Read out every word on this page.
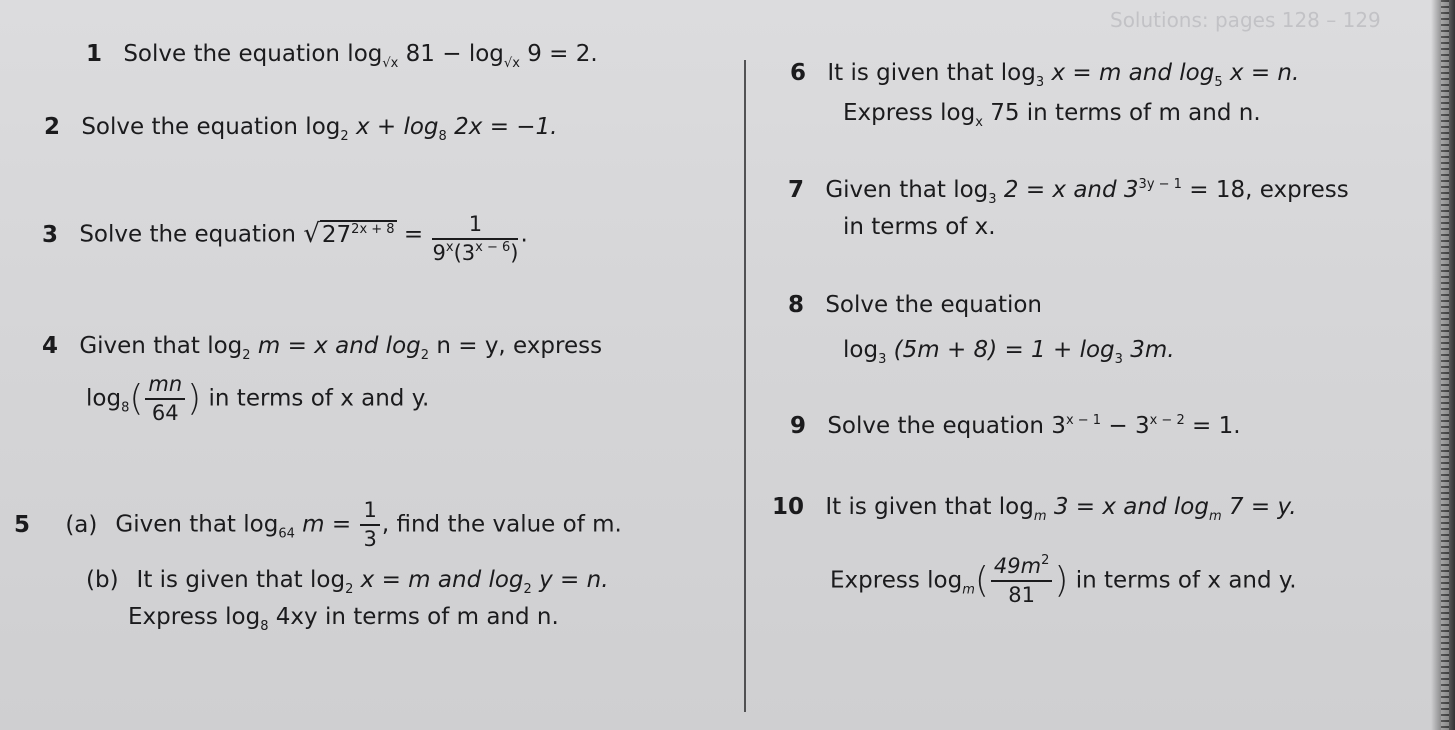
Solutions: pages 128 – 129
1 Solve the equation $\log_{√x} 81 - \log_{√x} 9 = 2$.
2 Solve the equation $\log_2 x + \log_8 2x = -1$.
3 Solve the equation $√27^{2x + 8} = \frac{1}{9^x(3^{x - 6})}$ .
4 Given that $\log_2 m = x$ and $\log_2 n = y$, express
$\log_8( \frac{mn}{64}$ ) in terms of x and y.
5 (a) Given that $\log_{64} m = \frac{1}{3}$ , find the value of m.
(b) It is given that $\log_2 x = m$ and $\log_2 y = n$.
Express $\log_8 4xy$ in terms of m and n.
6 It is given that $\log_3 x = m$ and $\log_5 x = n$.
Express $\log_x 75$ in terms of m and n.
7 Given that $\log_3 2 = x$ and $3^{3y - 1} = 18$, express
in terms of x.
8 Solve the equation
$\log_3 (5m + 8) = 1 + \log_3 3m$.
9 Solve the equation $3^{x - 1} - 3^{x - 2} = 1$.
10 It is given that $\log_m 3 = x$ and $\log_m 7 = y$.
Express $\log_m( \frac{49m^2}{81}$ ) in terms of x and y.
